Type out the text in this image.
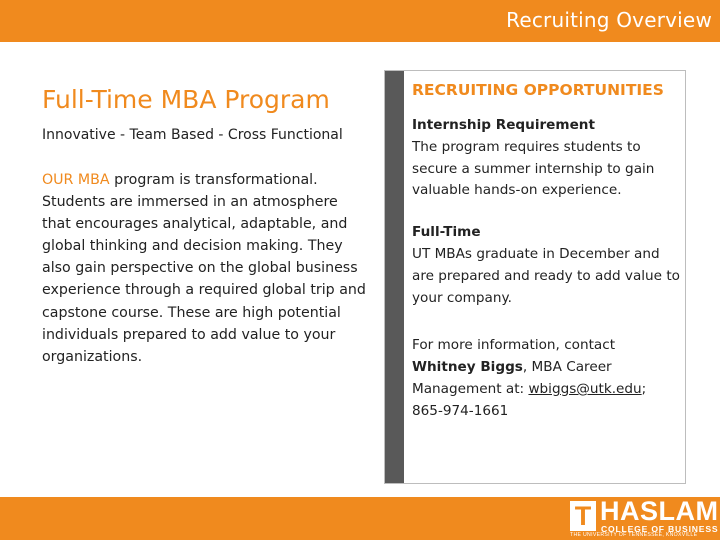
Recruiting Overview
Full-Time MBA Program
Innovative - Team Based - Cross Functional

OUR MBA program is transformational. Students are immersed in an atmosphere that encourages analytical, adaptable, and global thinking and decision making. They also gain perspective on the global business experience through a required global trip and capstone course. These are high potential individuals prepared to add value to your organizations.

RECRUITING OPPORTUNITIES
Internship Requirement
The program requires students to secure a summer internship to gain valuable hands-on experience.
Full-Time
UT MBAs graduate in December and are prepared and ready to add value to your company.
For more information, contact Whitney Biggs, MBA Career Management at: wbiggs@utk.edu;
865-974-1661
T HASLAM
COLLEGE OF BUSINESS
THE UNIVERSITY OF TENNESSEE, KNOXVILLE
